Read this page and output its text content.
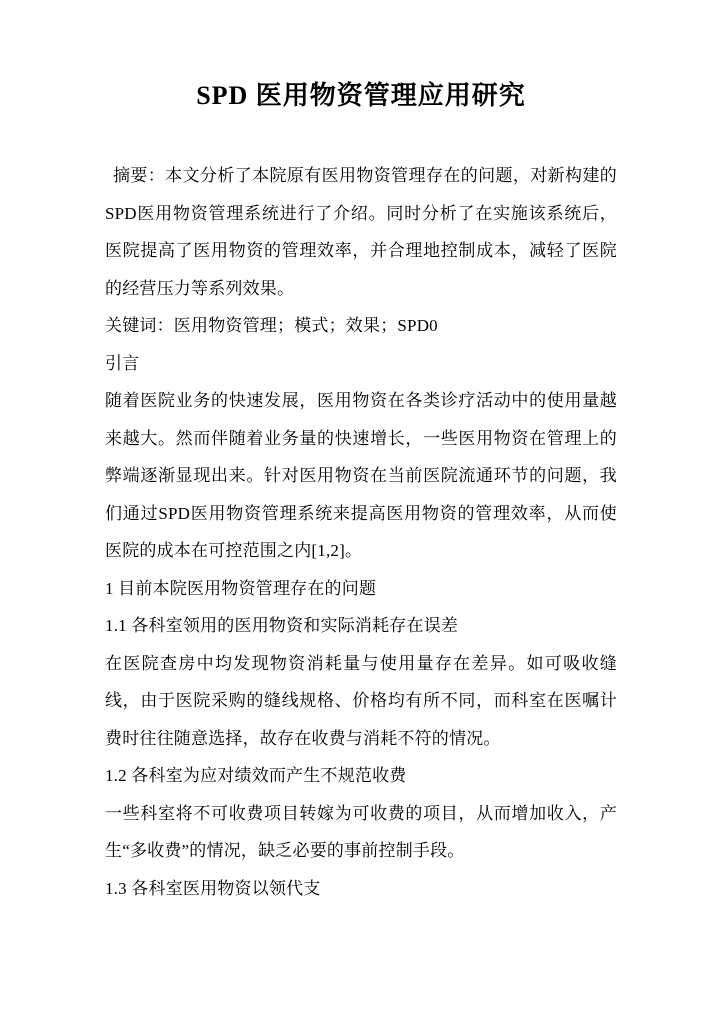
SPD 医用物资管理应用研究

摘要：本文分析了本院原有医用物资管理存在的问题，对新构建的SPD医用物资管理系统进行了介绍。同时分析了在实施该系统后，医院提高了医用物资的管理效率，并合理地控制成本，减轻了医院的经营压力等系列效果。

关键词：医用物资管理；模式；效果；SPD0

引言

随着医院业务的快速发展，医用物资在各类诊疗活动中的使用量越来越大。然而伴随着业务量的快速增长，一些医用物资在管理上的弊端逐渐显现出来。针对医用物资在当前医院流通环节的问题，我们通过SPD医用物资管理系统来提高医用物资的管理效率，从而使医院的成本在可控范围之内[1,2]。

1 目前本院医用物资管理存在的问题

1.1 各科室领用的医用物资和实际消耗存在误差

在医院查房中均发现物资消耗量与使用量存在差异。如可吸收缝线，由于医院采购的缝线规格、价格均有所不同，而科室在医嘱计费时往往随意选择，故存在收费与消耗不符的情况。

1.2 各科室为应对绩效而产生不规范收费

一些科室将不可收费项目转嫁为可收费的项目，从而增加收入，产生“多收费”的情况，缺乏必要的事前控制手段。

1.3 各科室医用物资以领代支
